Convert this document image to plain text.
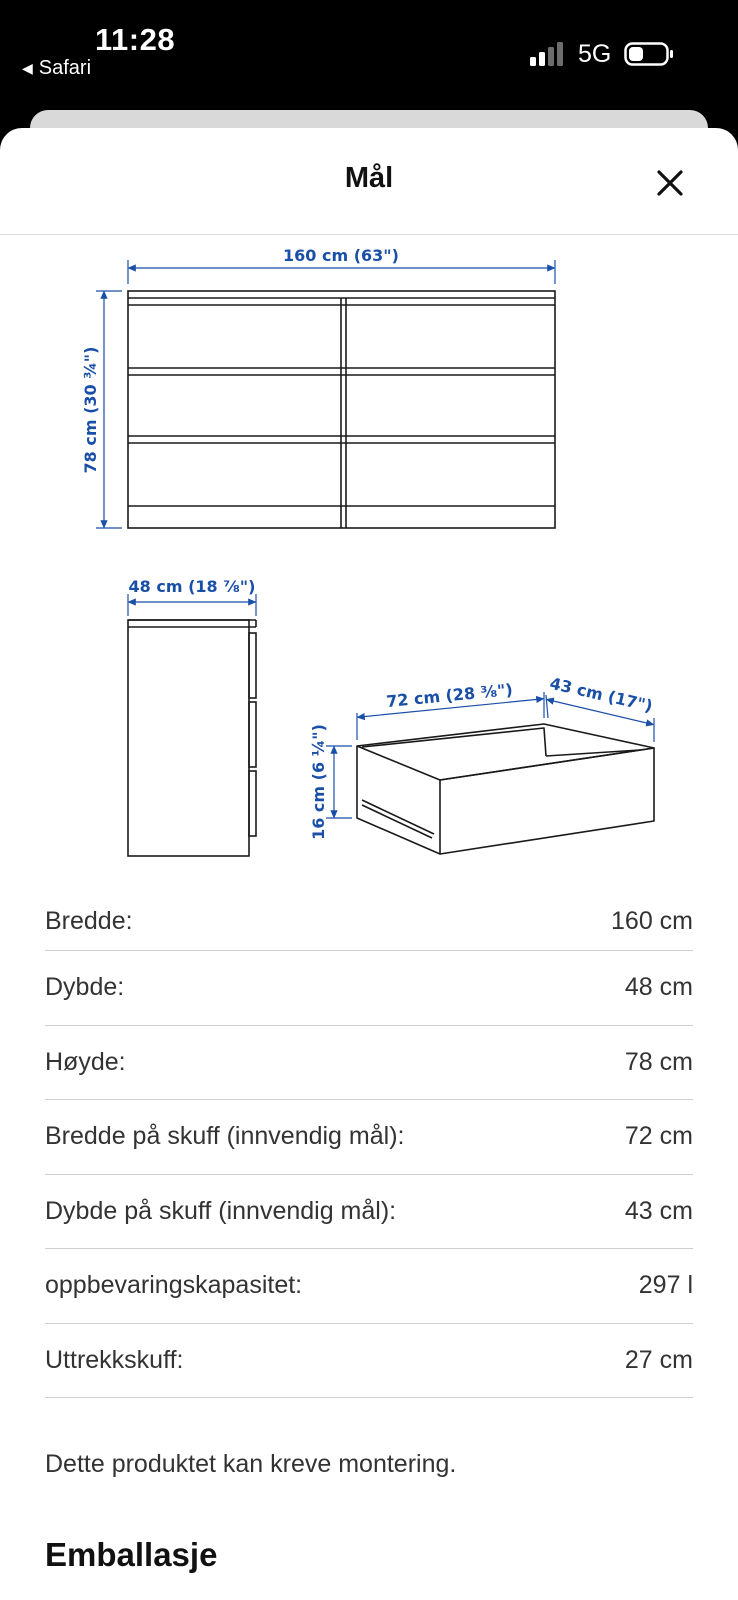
11:28
◀ Safari	5G
Mål
160 cm (63")
78 cm (30 ¾")
48 cm (18 ⅞")
72 cm (28 ⅜") 43 cm (17")
16 cm (6 ¼")
Bredde:	160 cm
Dybde:	48 cm
Høyde:	78 cm
Bredde på skuff (innvendig mål):	72 cm
Dybde på skuff (innvendig mål):	43 cm
oppbevaringskapasitet:	297 l
Uttrekkskuff:	27 cm
Dette produktet kan kreve montering.
Emballasje
